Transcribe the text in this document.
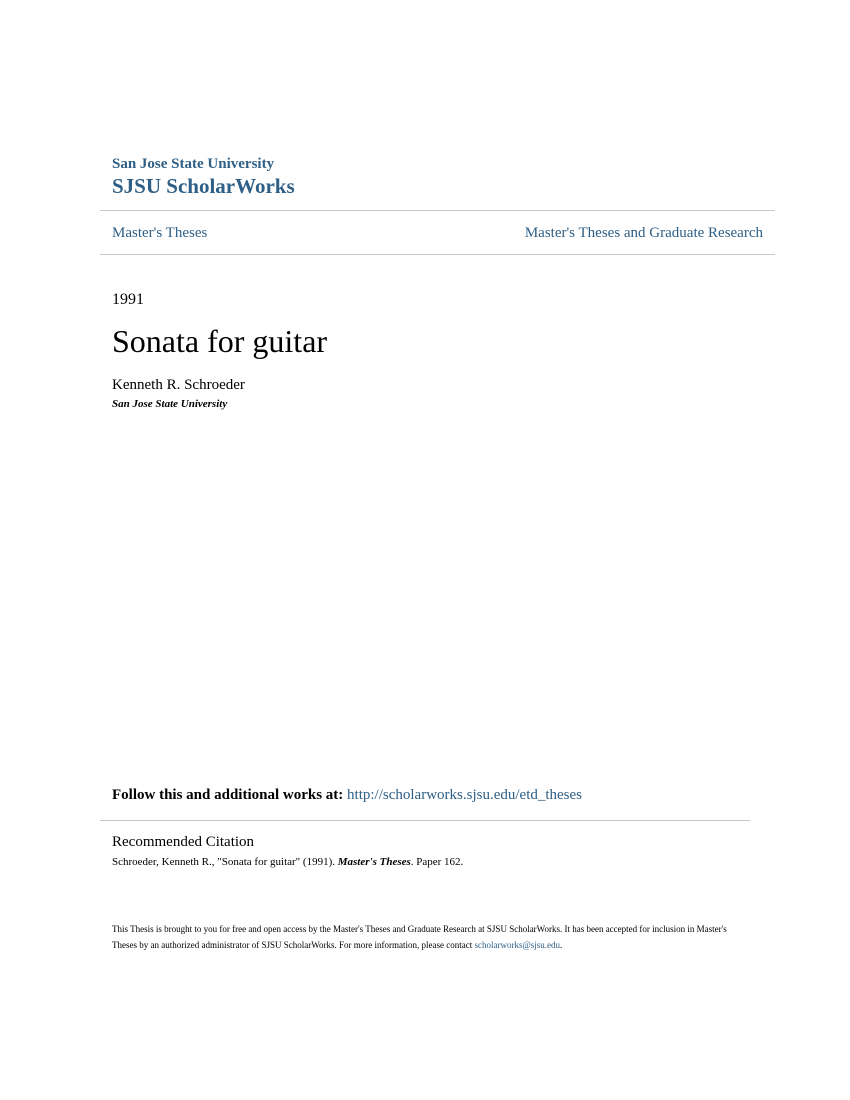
San Jose State University
SJSU ScholarWorks
Master's Theses	Master's Theses and Graduate Research
1991
Sonata for guitar
Kenneth R. Schroeder
San Jose State University
Follow this and additional works at: http://scholarworks.sjsu.edu/etd_theses
Recommended Citation
Schroeder, Kenneth R., "Sonata for guitar" (1991). Master's Theses. Paper 162.
This Thesis is brought to you for free and open access by the Master's Theses and Graduate Research at SJSU ScholarWorks. It has been accepted for inclusion in Master's Theses by an authorized administrator of SJSU ScholarWorks. For more information, please contact scholarworks@sjsu.edu.
